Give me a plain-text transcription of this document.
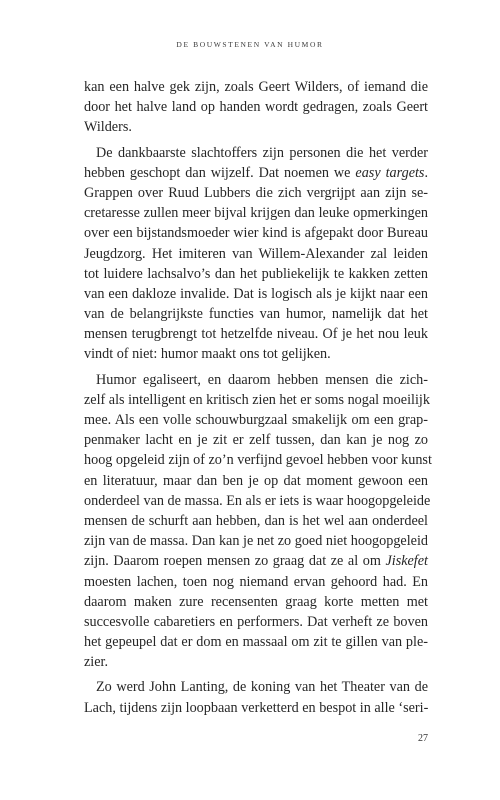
DE BOUWSTENEN VAN HUMOR
kan een halve gek zijn, zoals Geert Wilders, of iemand die
door het halve land op handen wordt gedragen, zoals Geert
Wilders.
De dankbaarste slachtoffers zijn personen die het verder
hebben geschopt dan wijzelf. Dat noemen we easy targets.
Grappen over Ruud Lubbers die zich vergrijpt aan zijn se-
cretaresse zullen meer bijval krijgen dan leuke opmerkingen
over een bijstandsmoeder wier kind is afgepakt door Bureau
Jeugdzorg. Het imiteren van Willem-Alexander zal leiden
tot luidere lachsalvo’s dan het publiekelijk te kakken zetten
van een dakloze invalide. Dat is logisch als je kijkt naar een
van de belangrijkste functies van humor, namelijk dat het
mensen terugbrengt tot hetzelfde niveau. Of je het nou leuk
vindt of niet: humor maakt ons tot gelijken.
Humor egaliseert, en daarom hebben mensen die zich-
zelf als intelligent en kritisch zien het er soms nogal moeilijk
mee. Als een volle schouwburgzaal smakelijk om een grap-
penmaker lacht en je zit er zelf tussen, dan kan je nog zo
hoog opgeleid zijn of zo’n verfijnd gevoel hebben voor kunst
en literatuur, maar dan ben je op dat moment gewoon een
onderdeel van de massa. En als er iets is waar hoogopgeleide
mensen de schurft aan hebben, dan is het wel aan onderdeel
zijn van de massa. Dan kan je net zo goed niet hoogopgeleid
zijn. Daarom roepen mensen zo graag dat ze al om Jiskefet
moesten lachen, toen nog niemand ervan gehoord had. En
daarom maken zure recensenten graag korte metten met
succesvolle cabaretiers en performers. Dat verheft ze boven
het gepeupel dat er dom en massaal om zit te gillen van ple-
zier.
Zo werd John Lanting, de koning van het Theater van de
Lach, tijdens zijn loopbaan verketterd en bespot in alle ‘seri-
27
